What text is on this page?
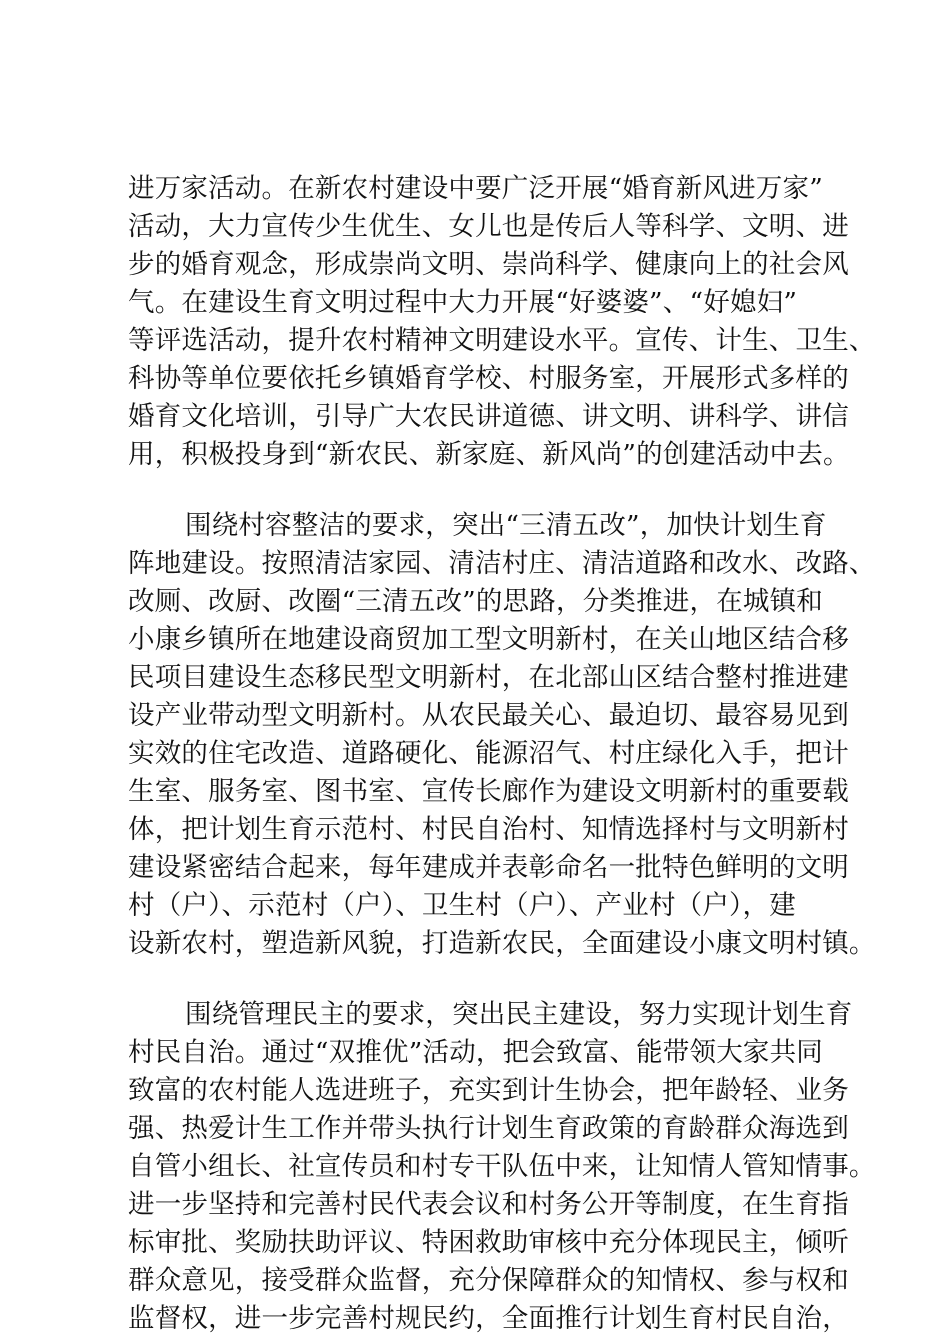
进万家活动。在新农村建设中要广泛开展“婚育新风进万家”
活动，大力宣传少生优生、女儿也是传后人等科学、文明、进
步的婚育观念，形成崇尚文明、崇尚科学、健康向上的社会风
气。在建设生育文明过程中大力开展“好婆婆”、“好媳妇”
等评选活动，提升农村精神文明建设水平。宣传、计生、卫生、
科协等单位要依托乡镇婚育学校、村服务室，开展形式多样的
婚育文化培训，引导广大农民讲道德、讲文明、讲科学、讲信
用，积极投身到“新农民、新家庭、新风尚”的创建活动中去。
围绕村容整洁的要求，突出“三清五改”，加快计划生育
阵地建设。按照清洁家园、清洁村庄、清洁道路和改水、改路、
改厕、改厨、改圈“三清五改”的思路，分类推进，在城镇和
小康乡镇所在地建设商贸加工型文明新村，在关山地区结合移
民项目建设生态移民型文明新村，在北部山区结合整村推进建
设产业带动型文明新村。从农民最关心、最迫切、最容易见到
实效的住宅改造、道路硬化、能源沼气、村庄绿化入手，把计
生室、服务室、图书室、宣传长廊作为建设文明新村的重要载
体，把计划生育示范村、村民自治村、知情选择村与文明新村
建设紧密结合起来，每年建成并表彰命名一批特色鲜明的文明
村（户）、示范村（户）、卫生村（户）、产业村（户），建
设新农村，塑造新风貌，打造新农民，全面建设小康文明村镇。
围绕管理民主的要求，突出民主建设，努力实现计划生育
村民自治。通过“双推优”活动，把会致富、能带领大家共同
致富的农村能人选进班子，充实到计生协会，把年龄轻、业务
强、热爱计生工作并带头执行计划生育政策的育龄群众海选到
自管小组长、社宣传员和村专干队伍中来，让知情人管知情事。
进一步坚持和完善村民代表会议和村务公开等制度，在生育指
标审批、奖励扶助评议、特困救助审核中充分体现民主，倾听
群众意见，接受群众监督，充分保障群众的知情权、参与权和
监督权，进一步完善村规民约，全面推行计划生育村民自治，
